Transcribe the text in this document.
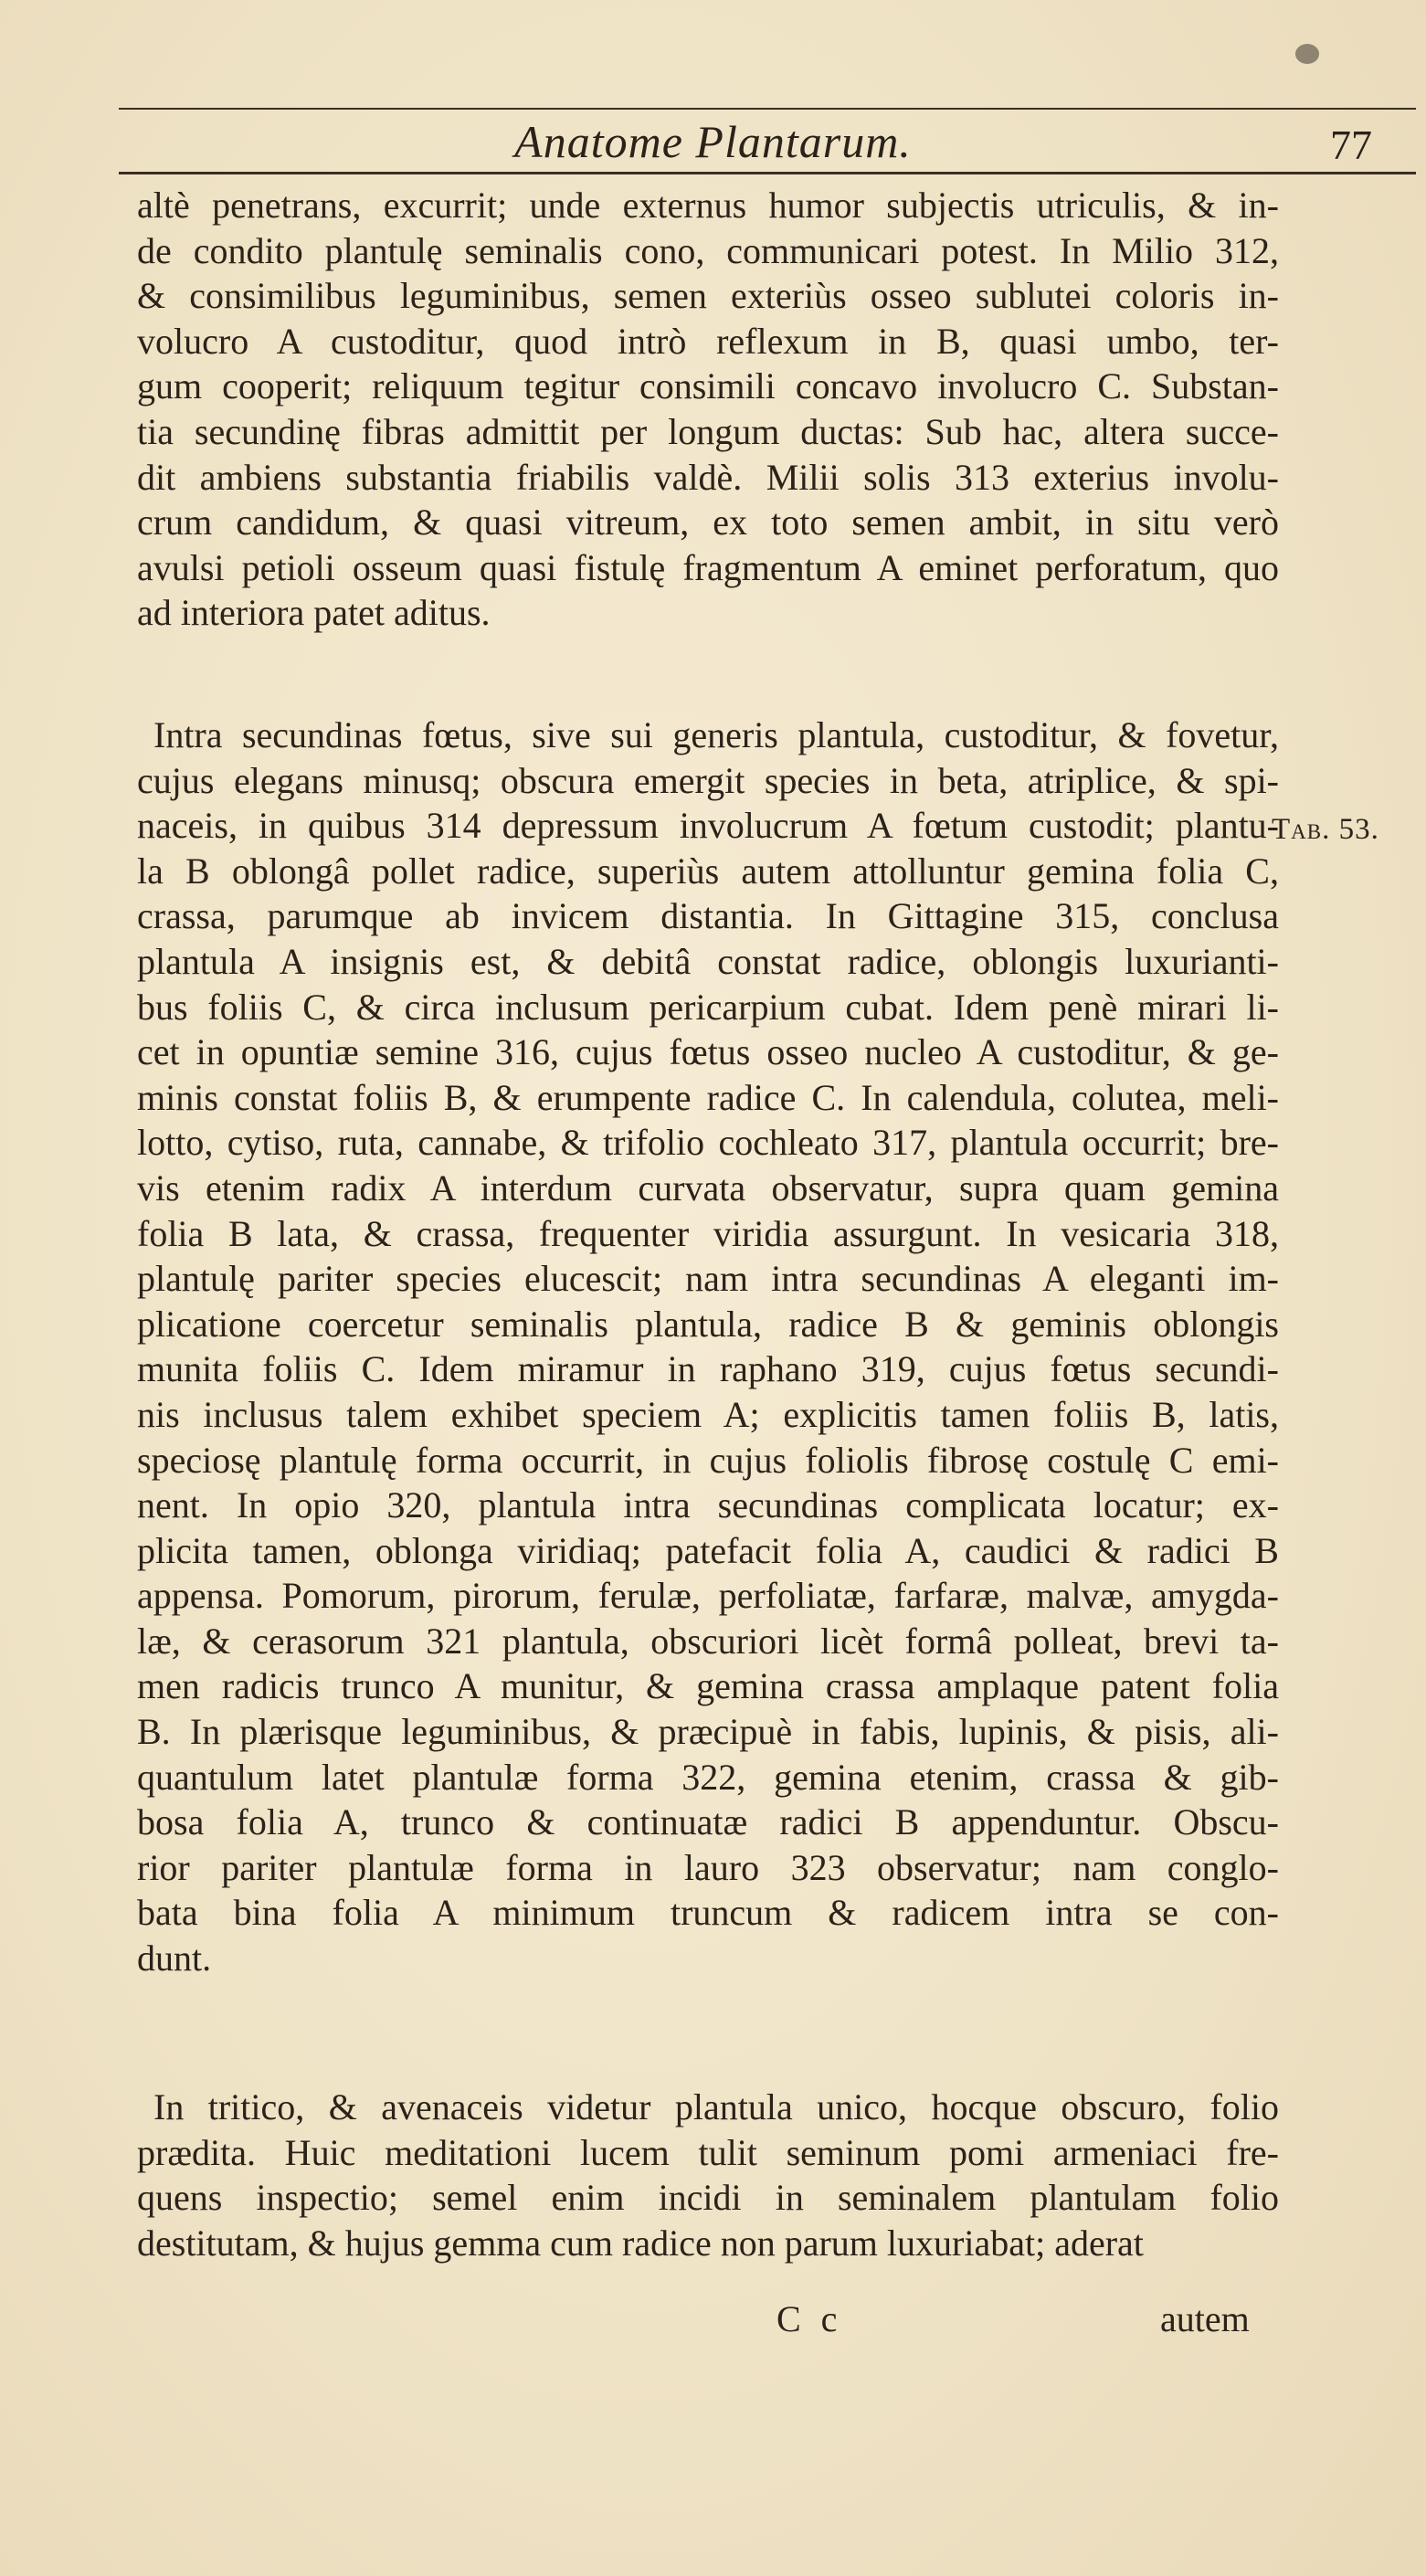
Anatome Plantarum.	77
Tab. 53.
altè penetrans, excurrit; unde externus humor subjectis utriculis, & in-
de condito plantulę seminalis cono, communicari potest. In Milio 312,
& consimilibus leguminibus, semen exteriùs osseo sublutei coloris in-
volucro A custoditur, quod intrò reflexum in B, quasi umbo, ter-
gum cooperit; reliquum tegitur consimili concavo involucro C. Substan-
tia secundinę fibras admittit per longum ductas: Sub hac, altera succe-
dit ambiens substantia friabilis valdè. Milii solis 313 exterius involu-
crum candidum, & quasi vitreum, ex toto semen ambit, in situ verò
avulsi petioli osseum quasi fistulę fragmentum A eminet perforatum, quo
ad interiora patet aditus.
Intra secundinas fœtus, sive sui generis plantula, custoditur, & fovetur,
cujus elegans minusq; obscura emergit species in beta, atriplice, & spi-
naceis, in quibus 314 depressum involucrum A fœtum custodit; plantu-
la B oblongâ pollet radice, superiùs autem attolluntur gemina folia C,
crassa, parumque ab invicem distantia. In Gittagine 315, conclusa
plantula A insignis est, & debitâ constat radice, oblongis luxurianti-
bus foliis C, & circa inclusum pericarpium cubat. Idem penè mirari li-
cet in opuntiæ semine 316, cujus fœtus osseo nucleo A custoditur, & ge-
minis constat foliis B, & erumpente radice C. In calendula, colutea, meli-
lotto, cytiso, ruta, cannabe, & trifolio cochleato 317, plantula occurrit; bre-
vis etenim radix A interdum curvata observatur, supra quam gemina
folia B lata, & crassa, frequenter viridia assurgunt. In vesicaria 318,
plantulę pariter species elucescit; nam intra secundinas A eleganti im-
plicatione coercetur seminalis plantula, radice B & geminis oblongis
munita foliis C. Idem miramur in raphano 319, cujus fœtus secundi-
nis inclusus talem exhibet speciem A; explicitis tamen foliis B, latis,
speciosę plantulę forma occurrit, in cujus foliolis fibrosę costulę C emi-
nent. In opio 320, plantula intra secundinas complicata locatur; ex-
plicita tamen, oblonga viridiaq; patefacit folia A, caudici & radici B
appensa. Pomorum, pirorum, ferulæ, perfoliatæ, farfaræ, malvæ, amygda-
læ, & cerasorum 321 plantula, obscuriori licèt formâ polleat, brevi ta-
men radicis trunco A munitur, & gemina crassa amplaque patent folia
B. In plærisque leguminibus, & præcipuè in fabis, lupinis, & pisis, ali-
quantulum latet plantulæ forma 322, gemina etenim, crassa & gib-
bosa folia A, trunco & continuatæ radici B appenduntur. Obscu-
rior pariter plantulæ forma in lauro 323 observatur; nam conglo-
bata bina folia A minimum truncum & radicem intra se con-
dunt.
In tritico, & avenaceis videtur plantula unico, hocque obscuro, folio
prædita. Huic meditationi lucem tulit seminum pomi armeniaci fre-
quens inspectio; semel enim incidi in seminalem plantulam folio
destitutam, & hujus gemma cum radice non parum luxuriabat; aderat
C c	autem
